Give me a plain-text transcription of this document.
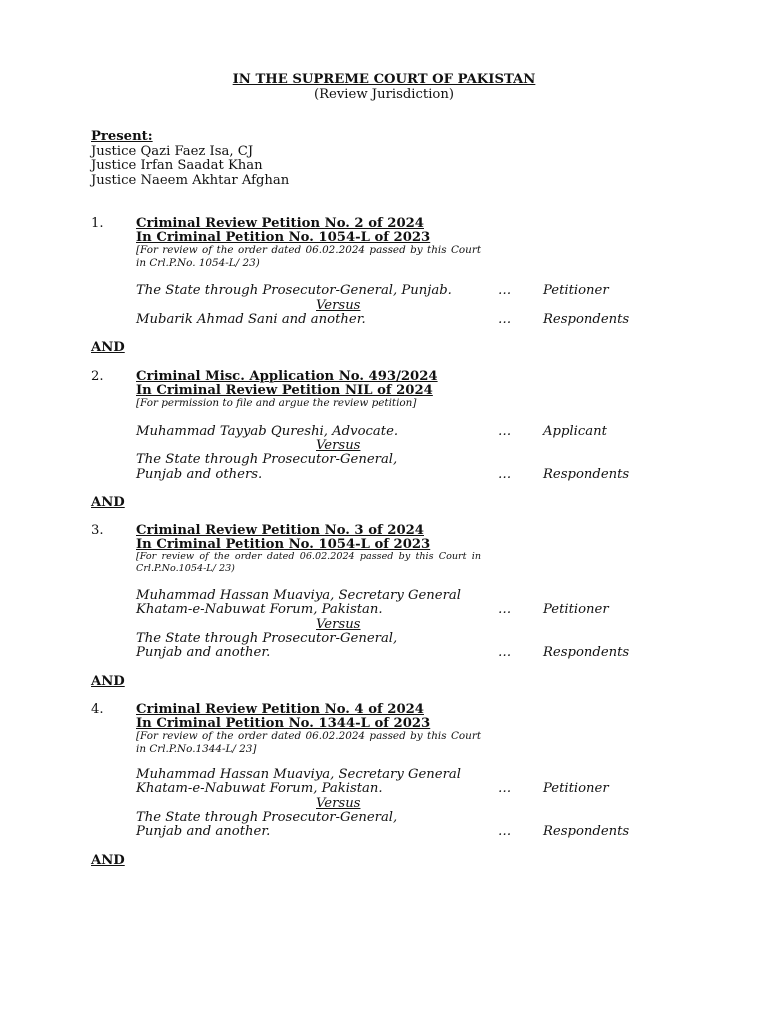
IN THE SUPREME COURT OF PAKISTAN
(Review Jurisdiction)
Present:
Justice Qazi Faez Isa, CJ
Justice Irfan Saadat Khan
Justice Naeem Akhtar Afghan
1. Criminal Review Petition No. 2 of 2024
In Criminal Petition No. 1054-L of 2023
[For review of the order dated 06.02.2024 passed by this Court in Crl.P.No. 1054-L/ 23)
The State through Prosecutor-General, Punjab.	… Petitioner
Versus
Mubarik Ahmad Sani and another.	… Respondents
AND
2. Criminal Misc. Application No. 493/2024
In Criminal Review Petition NIL of 2024
[For permission to file and argue the review petition]
Muhammad Tayyab Qureshi, Advocate.	… Applicant
Versus
The State through Prosecutor-General,
Punjab and others.	… Respondents
AND
3. Criminal Review Petition No. 3 of 2024
In Criminal Petition No. 1054-L of 2023
[For review of the order dated 06.02.2024 passed by this Court in Crl.P.No.1054-L/ 23)
Muhammad Hassan Muaviya, Secretary General
Khatam-e-Nabuwat Forum, Pakistan.	… Petitioner
Versus
The State through Prosecutor-General,
Punjab and another.	… Respondents
AND
4. Criminal Review Petition No. 4 of 2024
In Criminal Petition No. 1344-L of 2023
[For review of the order dated 06.02.2024 passed by this Court in Crl.P.No.1344-L/ 23]
Muhammad Hassan Muaviya, Secretary General
Khatam-e-Nabuwat Forum, Pakistan.	… Petitioner
Versus
The State through Prosecutor-General,
Punjab and another.	… Respondents
AND
